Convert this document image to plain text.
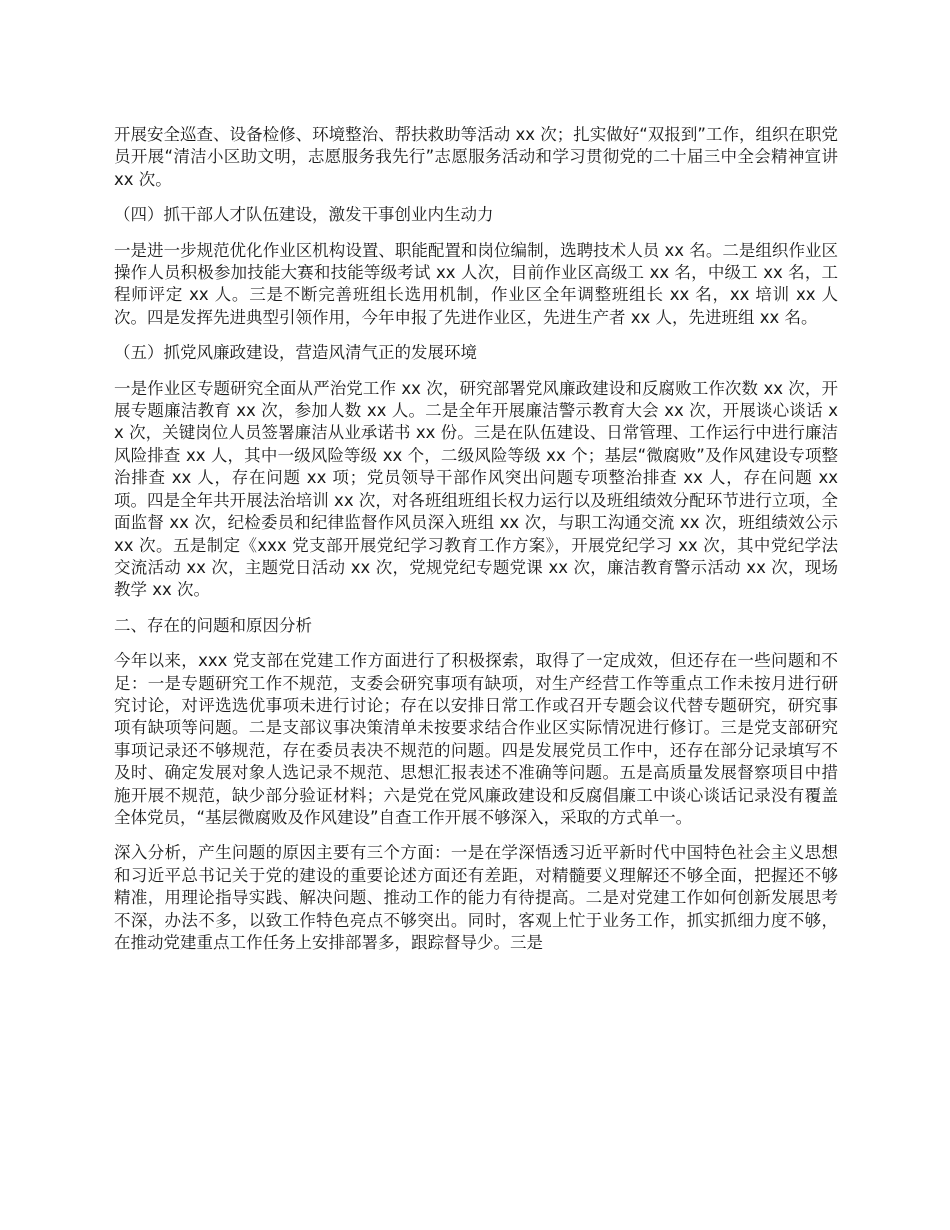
开展安全巡查、设备检修、环境整治、帮扶救助等活动 xx 次；扎实做好“双报到”工作，组织在职党员开展“清洁小区助文明，志愿服务我先行”志愿服务活动和学习贯彻党的二十届三中全会精神宣讲 xx 次。

（四）抓干部人才队伍建设，激发干事创业内生动力

一是进一步规范优化作业区机构设置、职能配置和岗位编制，选聘技术人员 xx 名。二是组织作业区操作人员积极参加技能大赛和技能等级考试 xx 人次，目前作业区高级工 xx 名，中级工 xx 名，工程师评定 xx 人。三是不断完善班组长选用机制，作业区全年调整班组长 xx 名，xx 培训 xx 人次。四是发挥先进典型引领作用，今年申报了先进作业区，先进生产者 xx 人，先进班组 xx 名。

（五）抓党风廉政建设，营造风清气正的发展环境

一是作业区专题研究全面从严治党工作 xx 次，研究部署党风廉政建设和反腐败工作次数 xx 次，开展专题廉洁教育 xx 次，参加人数 xx 人。二是全年开展廉洁警示教育大会 xx 次，开展谈心谈话 xx 次，关键岗位人员签署廉洁从业承诺书 xx 份。三是在队伍建设、日常管理、工作运行中进行廉洁风险排查 xx 人，其中一级风险等级 xx 个，二级风险等级 xx 个；基层“微腐败”及作风建设专项整治排查 xx 人，存在问题 xx 项；党员领导干部作风突出问题专项整治排查 xx 人，存在问题 xx 项。四是全年共开展法治培训 xx 次，对各班组班组长权力运行以及班组绩效分配环节进行立项，全面监督 xx 次，纪检委员和纪律监督作风员深入班组 xx 次，与职工沟通交流 xx 次，班组绩效公示 xx 次。五是制定《xxx 党支部开展党纪学习教育工作方案》，开展党纪学习 xx 次，其中党纪学法交流活动 xx 次，主题党日活动 xx 次，党规党纪专题党课 xx 次，廉洁教育警示活动 xx 次，现场教学 xx 次。

二、存在的问题和原因分析

今年以来，xxx 党支部在党建工作方面进行了积极探索，取得了一定成效，但还存在一些问题和不足：一是专题研究工作不规范，支委会研究事项有缺项，对生产经营工作等重点工作未按月进行研究讨论，对评选选优事项未进行讨论；存在以安排日常工作或召开专题会议代替专题研究，研究事项有缺项等问题。二是支部议事决策清单未按要求结合作业区实际情况进行修订。三是党支部研究事项记录还不够规范，存在委员表决不规范的问题。四是发展党员工作中，还存在部分记录填写不及时、确定发展对象人选记录不规范、思想汇报表述不准确等问题。五是高质量发展督察项目中措施开展不规范，缺少部分验证材料；六是党在党风廉政建设和反腐倡廉工中谈心谈话记录没有覆盖全体党员，“基层微腐败及作风建设”自查工作开展不够深入，采取的方式单一。

深入分析，产生问题的原因主要有三个方面：一是在学深悟透习近平新时代中国特色社会主义思想和习近平总书记关于党的建设的重要论述方面还有差距，对精髓要义理解还不够全面，把握还不够精准，用理论指导实践、解决问题、推动工作的能力有待提高。二是对党建工作如何创新发展思考不深，办法不多，以致工作特色亮点不够突出。同时，客观上忙于业务工作，抓实抓细力度不够，在推动党建重点工作任务上安排部署多，跟踪督导少。三是
